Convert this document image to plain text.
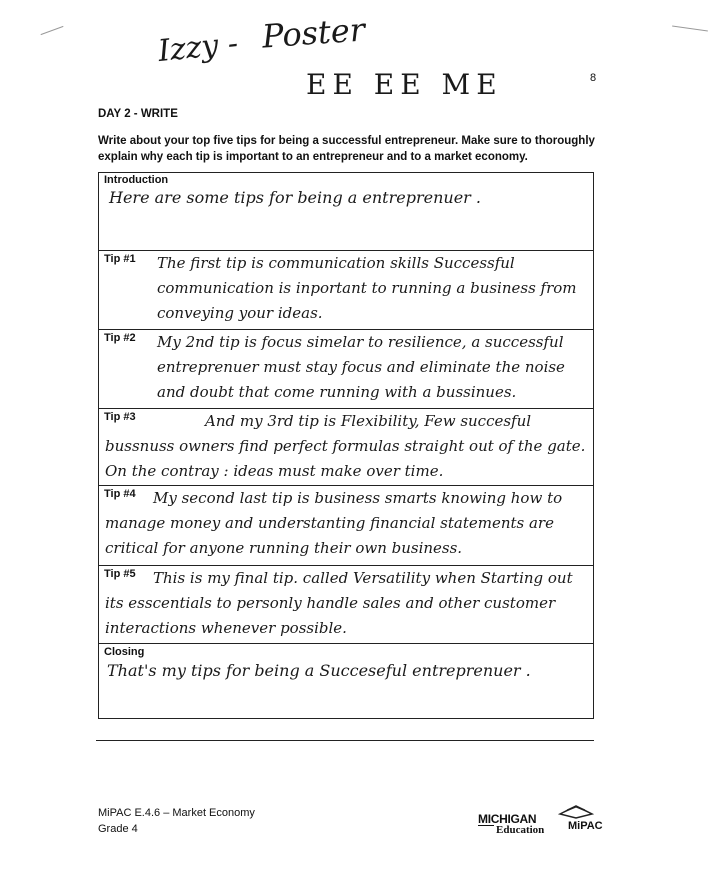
Izzy - Poster
EE EE ME	8
DAY 2 - WRITE
Write about your top five tips for being a successful entrepreneur. Make sure to thoroughly explain why each tip is important to an entrepreneur and to a market economy.
Introduction
Here are some tips for being a entreprenuer .
Tip #1 The first tip is communication skills Successful communication is inportant to running a business from conveying your ideas.
Tip #2 My 2nd tip is focus simelar to resilience, a successful entreprenuer must stay focus and eliminate the noise and doubt that come running with a bussinues.
Tip #3	And my 3rd tip is Flexibility, Few succesful bussnuss owners find perfect formulas straight out of the gate. On the contray : ideas must make over time.
Tip #4	My second last tip is business smarts knowing how to manage money and understanting financial statements are critical for anyone running their own business.
Tip #5	This is my final tip. called Versatility when Starting out its esscentials to personly handle sales and other customer interactions whenever possible.
Closing
That's my tips for being a Succeseful entreprenuer .
MiPAC E.4.6 – Market Economy
Grade 4
MICHIGAN
Education MiPAC
